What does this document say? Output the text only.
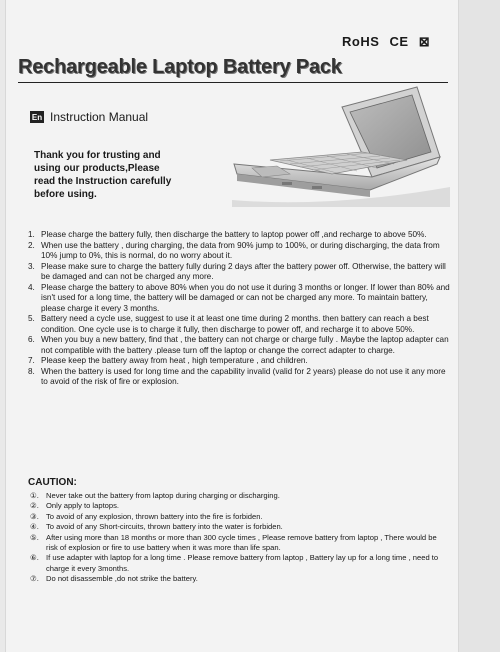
RoHS CE ⊠
Rechargeable Laptop Battery Pack
En Instruction Manual
Thank you for trusting and
using our products,Please
read the Instruction carefully
before using.
1. Please charge the battery fully, then discharge the battery to laptop power off ,and recharge to above 50%.
2. When use the battery , during charging, the data from 90% jump to 100%, or during discharging, the data from 10% jump to 0%, this is normal, do no worry about it.
3. Please make sure to charge the battery fully during 2 days after the battery power off. Otherwise, the battery will be damaged and can not be charged any more.
4. Please charge the battery to above 80% when you do not use it during 3 months or longer. If lower than 80% and isn't used for a long time, the battery will be damaged or can not be charged any more. To maintain battery, please charge it every 3 months.
5. Battery need a cycle use, suggest to use it at least one time during 2 months. then battery can reach a best condition. One cycle use is to charge it fully, then discharge to power off, and recharge it to above 50%.
6. When you buy a new battery, find that , the battery can not charge or charge fully . Maybe the laptop adapter can not compatible with the battery .please turn off the laptop or change the correct adapter to charge.
7. Please keep the battery away from heat , high temperature , and children.
8. When the battery is used for long time and the capability invalid (valid for 2 years) please do not use it any more to avoid of the risk of fire or explosion.
CAUTION:
①. Never take out the battery from laptop during charging or discharging.
②. Only apply to laptops.
③. To avoid of any explosion, thrown battery into the fire is forbiden.
④. To avoid of any Short-circuits, thrown battery into the water is forbiden.
⑤. After using more than 18 months or more than 300 cycle times , Please remove battery from laptop , There would be risk of explosion or fire to use battery when it was more than life span.
⑥. If use adapter with laptop for a long time . Please remove battery from laptop , Battery lay up for a long time , need to charge it every 3months.
⑦. Do not disassemble ,do not strike the battery.
